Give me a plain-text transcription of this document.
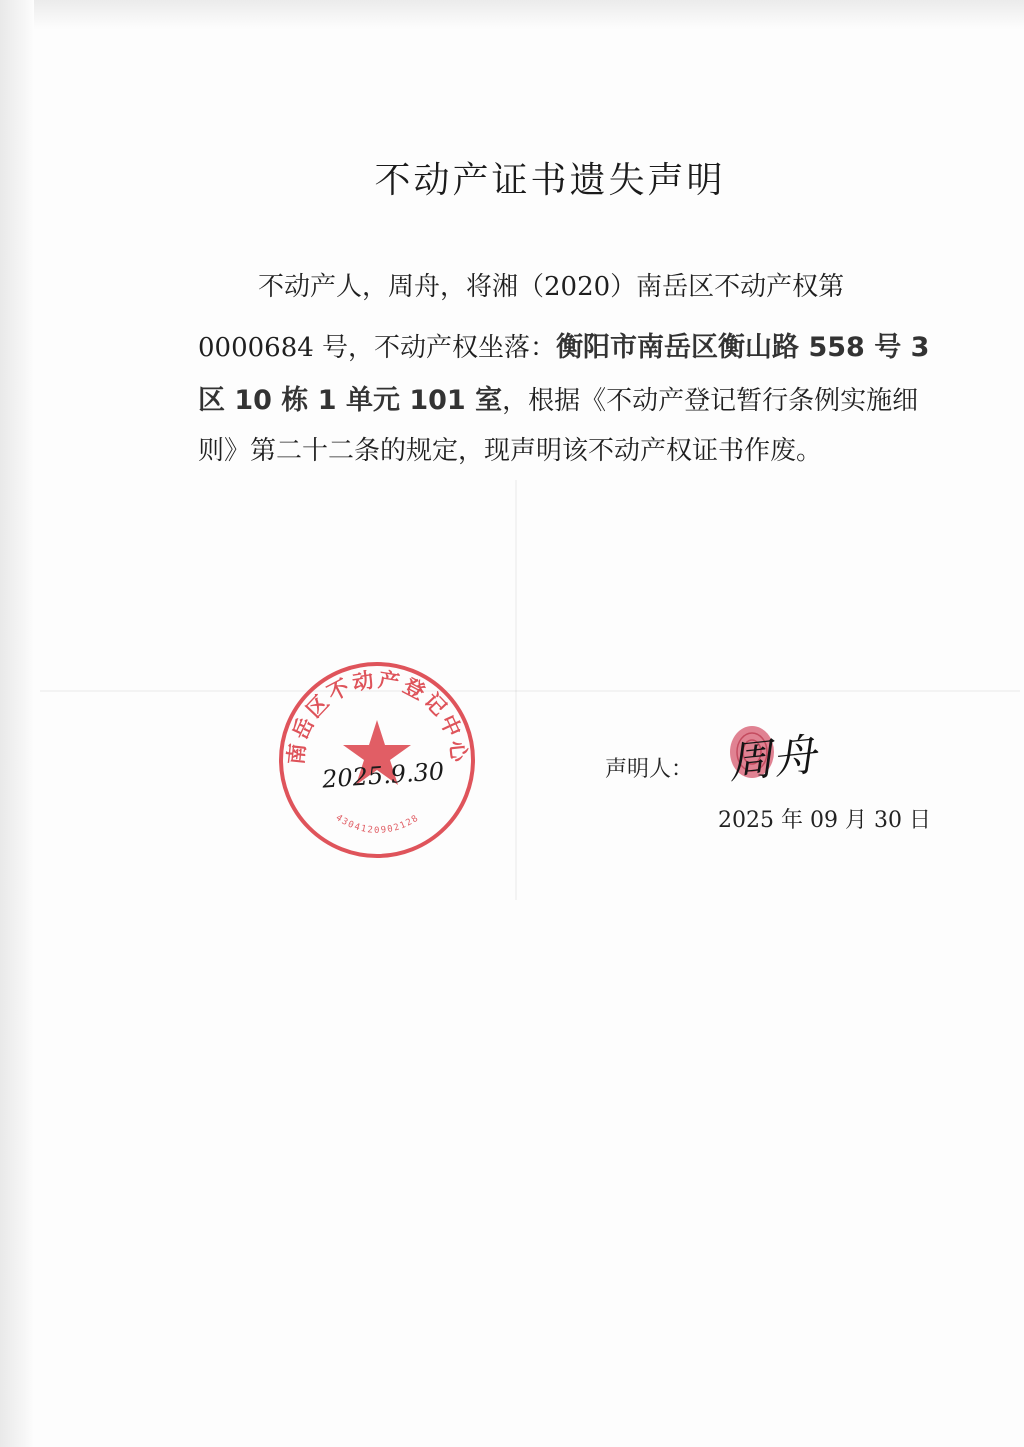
不动产证书遗失声明

不动产人，周舟，将湘（2020）南岳区不动产权第

0000684 号，不动产权坐落：衡阳市南岳区衡山路 558 号 3

区 10 栋 1 单元 101 室，根据《不动产登记暂行条例实施细

则》第二十二条的规定，现声明该不动产权证书作废。

南岳区不动产登记中心
4304120902128
2025.9.30	声明人： 周舟
2025 年 09 月 30 日
